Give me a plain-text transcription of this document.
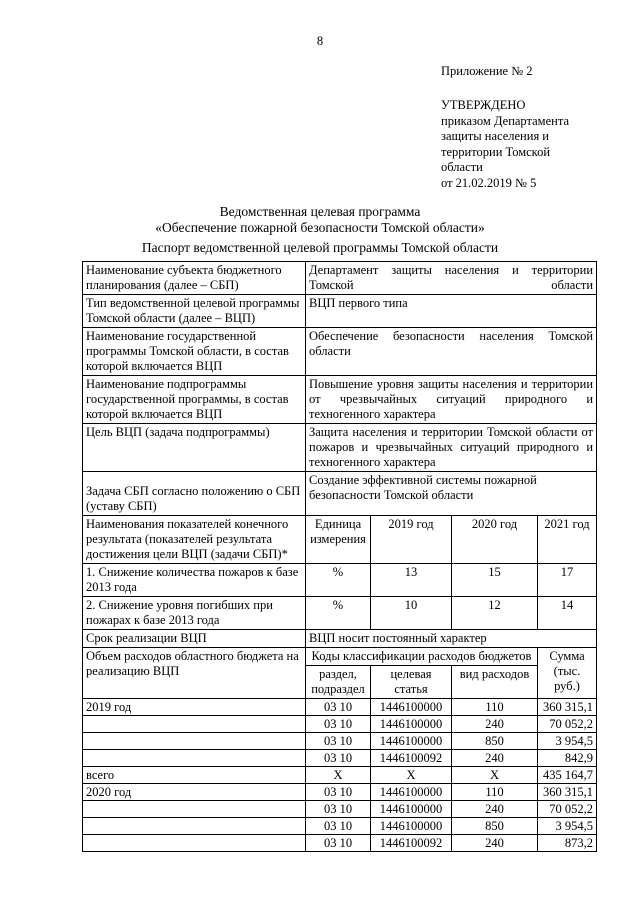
8
Приложение № 2
УТВЕРЖДЕНО
приказом Департамента
защиты населения и
территории Томской
области
от 21.02.2019 № 5
Ведомственная целевая программа
«Обеспечение пожарной безопасности Томской области»
Паспорт ведомственной целевой программы Томской области
Наименование субъекта бюджетного планирования (далее – СБП)	Департамент защиты населения и территории Томской области			
Тип ведомственной целевой программы Томской области (далее – ВЦП)	ВЦП первого типа			
Наименование государственной программы Томской области, в состав которой включается ВЦП	Обеспечение безопасности населения Томской области			
Наименование подпрограммы государственной программы, в состав которой включается ВЦП	Повышение уровня защиты населения и территории от чрезвычайных ситуаций природного и техногенного характера			
Цель ВЦП (задача подпрограммы)	Защита населения и территории Томской области от пожаров и чрезвычайных ситуаций природного и техногенного характера			
Задача СБП согласно положению о СБП (уставу СБП)	Создание эффективной системы пожарной безопасности Томской области			
Наименования показателей конечного результата (показателей результата достижения цели ВЦП (задачи СБП)*	Единица измерения	2019 год	2020 год	2021 год
1. Снижение количества пожаров к базе 2013 года	%	13	15	17
2. Снижение уровня погибших при пожарах к базе 2013 года	%	10	12	14
Срок реализации ВЦП	ВЦП носит постоянный характер			
Объем расходов областного бюджета на реализацию ВЦП	Коды классификации расходов бюджетов			Сумма (тыс. руб.)
	раздел, подраздел	целевая статья	вид расходов	
2019 год	03 10	1446100000	110	360 315,1
	03 10	1446100000	240	70 052,2
	03 10	1446100000	850	3 954,5
	03 10	1446100092	240	842,9
всего	Х	Х	Х	435 164,7
2020 год	03 10	1446100000	110	360 315,1
	03 10	1446100000	240	70 052,2
	03 10	1446100000	850	3 954,5
	03 10	1446100092	240	873,2
